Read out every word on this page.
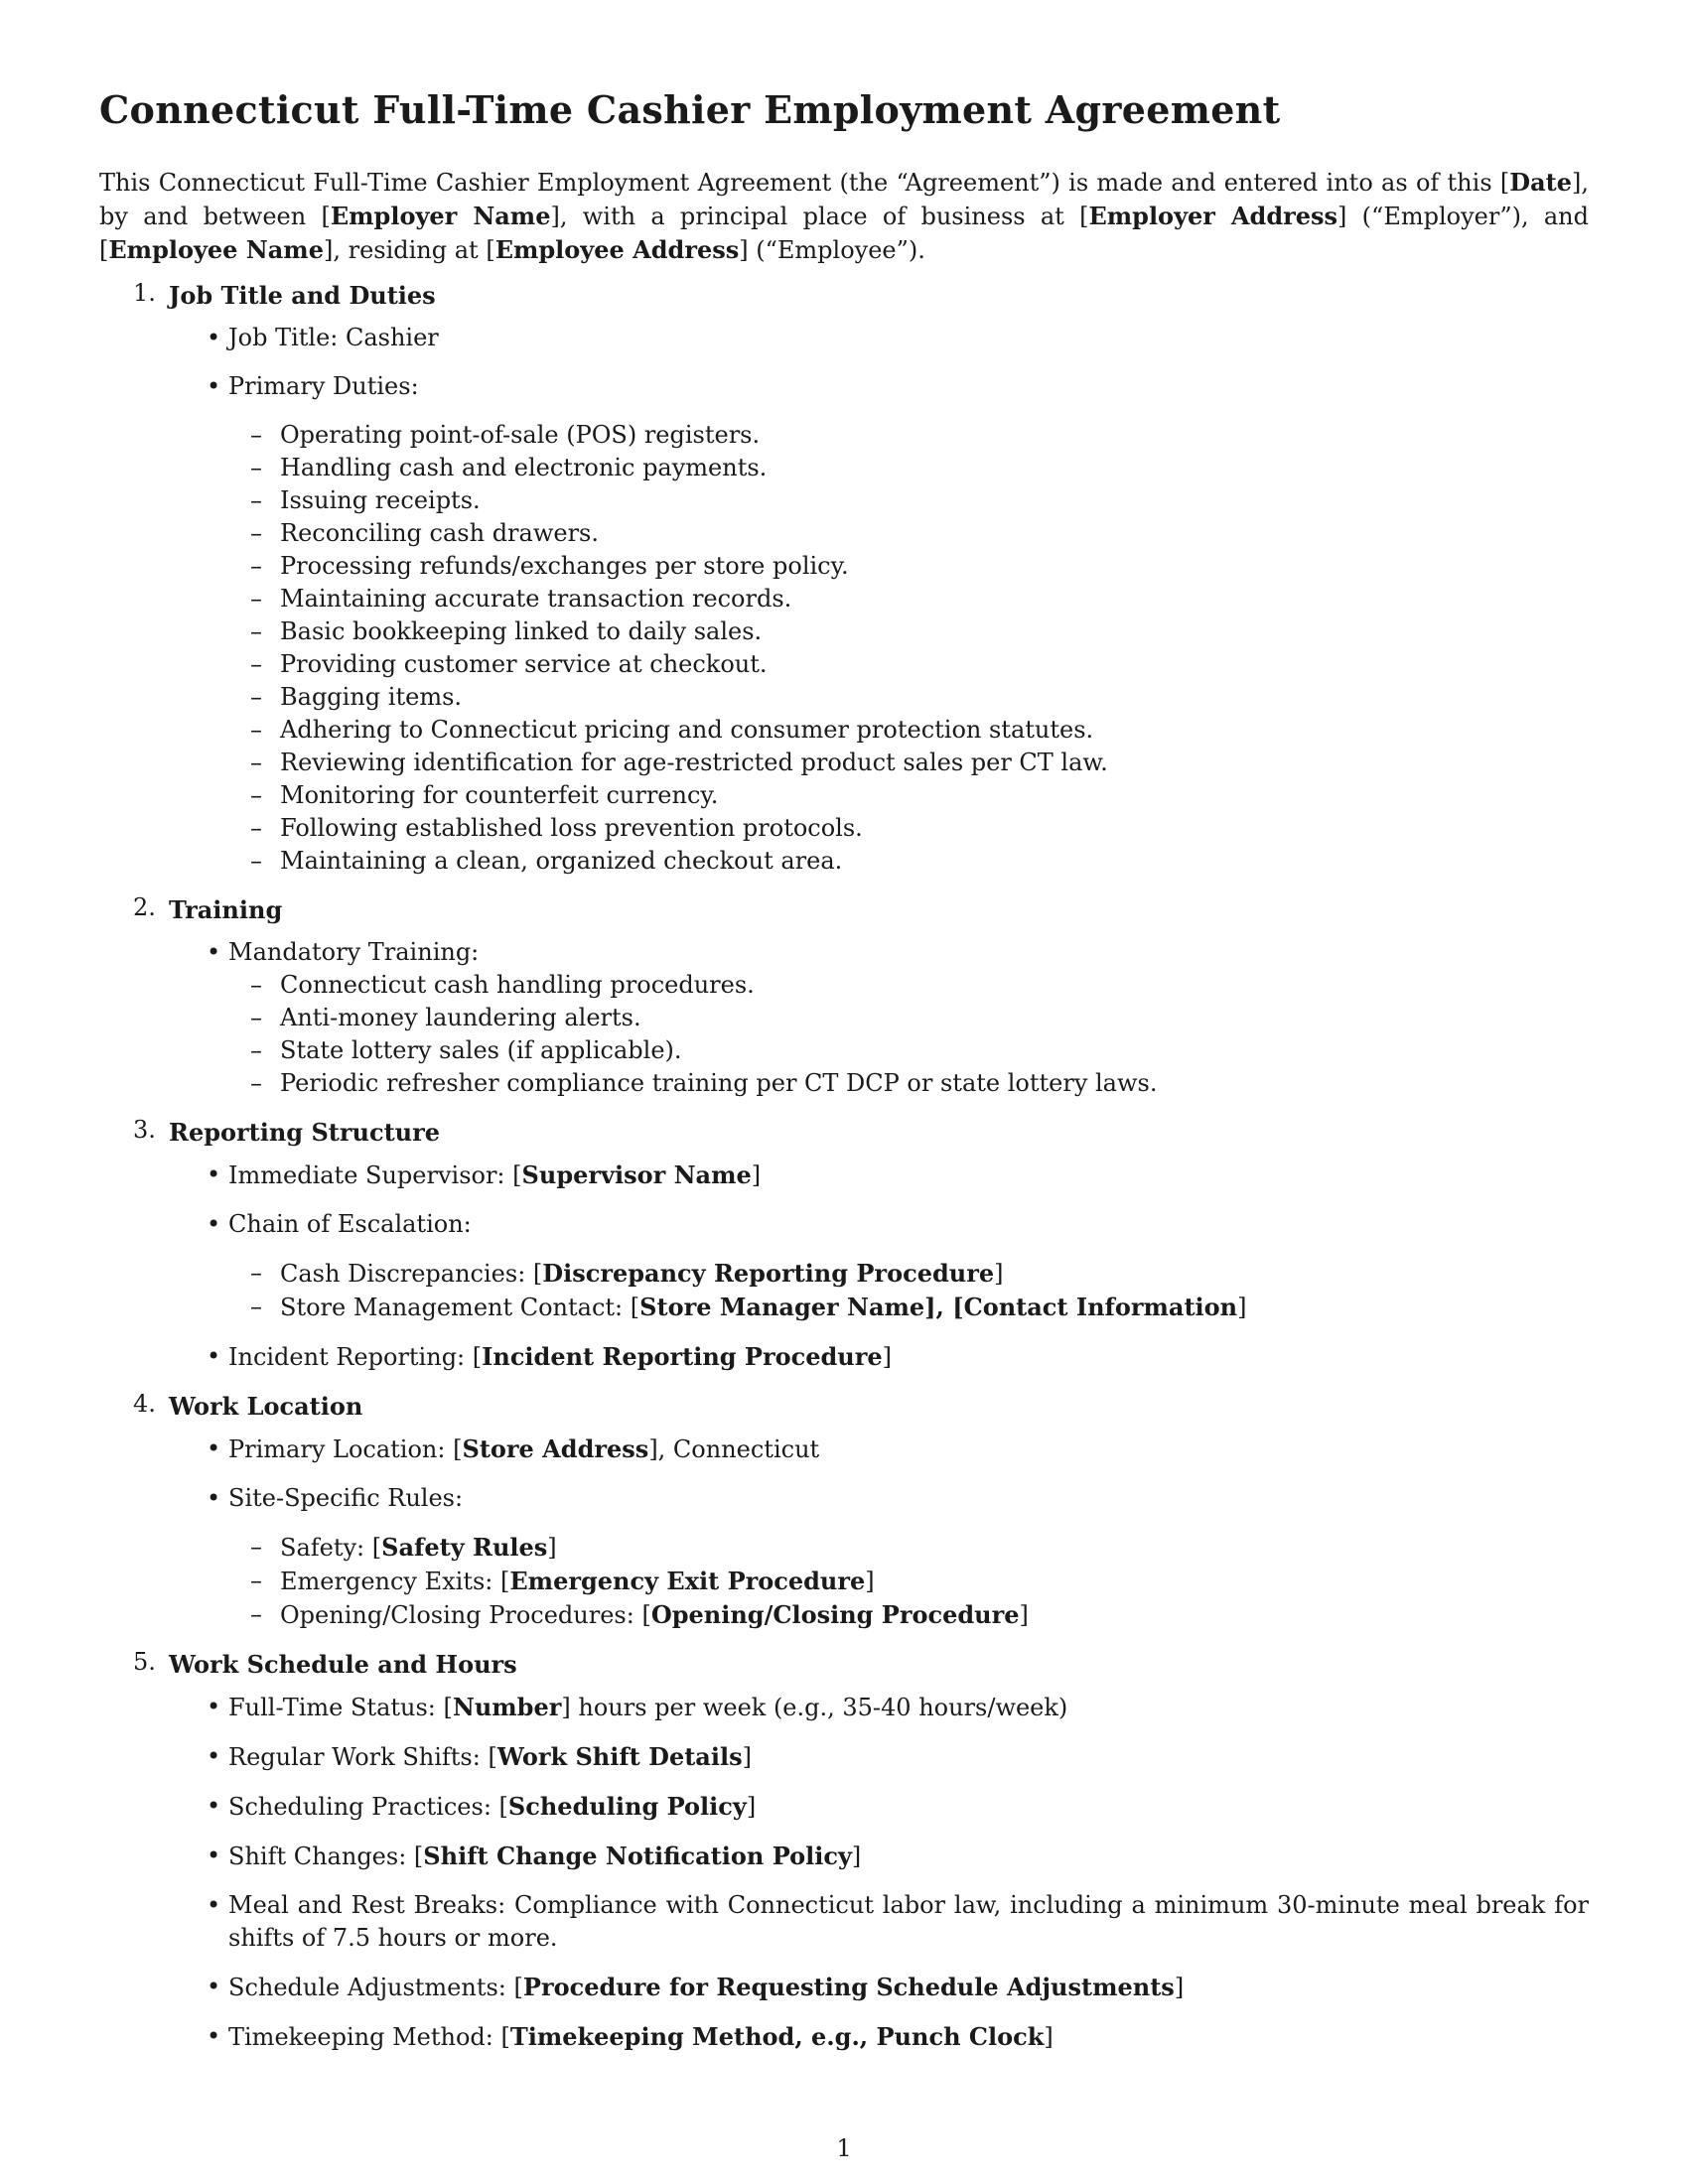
Connecticut Full-Time Cashier Employment Agreement

This Connecticut Full-Time Cashier Employment Agreement (the “Agreement”) is made and entered into as of this [Date], by and between [Employer Name], with a principal place of business at [Employer Address] (“Employer”), and [Employee Name], residing at [Employee Address] (“Employee”).

1. Job Title and Duties
• Job Title: Cashier
• Primary Duties:
– Operating point-of-sale (POS) registers.
– Handling cash and electronic payments.
– Issuing receipts.
– Reconciling cash drawers.
– Processing refunds/exchanges per store policy.
– Maintaining accurate transaction records.
– Basic bookkeeping linked to daily sales.
– Providing customer service at checkout.
– Bagging items.
– Adhering to Connecticut pricing and consumer protection statutes.
– Reviewing identification for age-restricted product sales per CT law.
– Monitoring for counterfeit currency.
– Following established loss prevention protocols.
– Maintaining a clean, organized checkout area.
2. Training
• Mandatory Training:
– Connecticut cash handling procedures.
– Anti-money laundering alerts.
– State lottery sales (if applicable).
– Periodic refresher compliance training per CT DCP or state lottery laws.
3. Reporting Structure
• Immediate Supervisor: [Supervisor Name]
• Chain of Escalation:
– Cash Discrepancies: [Discrepancy Reporting Procedure]
– Store Management Contact: [Store Manager Name], [Contact Information]
• Incident Reporting: [Incident Reporting Procedure]
4. Work Location
• Primary Location: [Store Address], Connecticut
• Site-Specific Rules:
– Safety: [Safety Rules]
– Emergency Exits: [Emergency Exit Procedure]
– Opening/Closing Procedures: [Opening/Closing Procedure]
5. Work Schedule and Hours
• Full-Time Status: [Number] hours per week (e.g., 35-40 hours/week)
• Regular Work Shifts: [Work Shift Details]
• Scheduling Practices: [Scheduling Policy]
• Shift Changes: [Shift Change Notification Policy]
• Meal and Rest Breaks: Compliance with Connecticut labor law, including a minimum 30-minute meal break for shifts of 7.5 hours or more.
• Schedule Adjustments: [Procedure for Requesting Schedule Adjustments]
• Timekeeping Method: [Timekeeping Method, e.g., Punch Clock]
1
